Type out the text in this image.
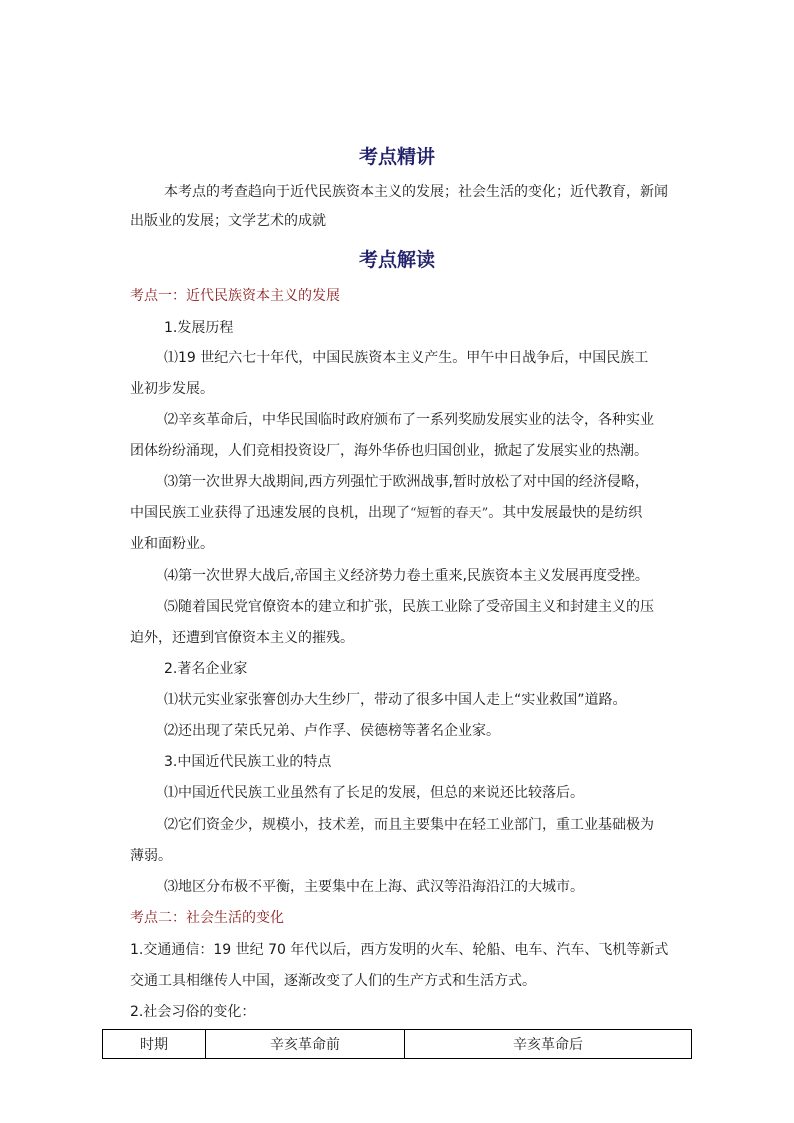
考点精讲
本考点的考查趋向于近代民族资本主义的发展；社会生活的变化；近代教育，新闻
出版业的发展；文学艺术的成就
考点解读
考点一：近代民族资本主义的发展
1.发展历程
⑴19 世纪六七十年代，中国民族资本主义产生。甲午中日战争后，中国民族工
业初步发展。
⑵辛亥革命后，中华民国临时政府颁布了一系列奖励发展实业的法令，各种实业
团体纷纷涌现，人们竞相投资设厂，海外华侨也归国创业，掀起了发展实业的热潮。
⑶第一次世界大战期间,西方列强忙于欧洲战事,暂时放松了对中国的经济侵略，
中国民族工业获得了迅速发展的良机，出现了“短暂的春天”。其中发展最快的是纺织
业和面粉业。
⑷第一次世界大战后,帝国主义经济势力卷土重来,民族资本主义发展再度受挫。
⑸随着国民党官僚资本的建立和扩张，民族工业除了受帝国主义和封建主义的压
迫外，还遭到官僚资本主义的摧残。
2.著名企业家
⑴状元实业家张謇创办大生纱厂，带动了很多中国人走上“实业救国”道路。
⑵还出现了荣氏兄弟、卢作孚、侯德榜等著名企业家。
3.中国近代民族工业的特点
⑴中国近代民族工业虽然有了长足的发展，但总的来说还比较落后。
⑵它们资金少，规模小，技术差，而且主要集中在轻工业部门，重工业基础极为
薄弱。
⑶地区分布极不平衡，主要集中在上海、武汉等沿海沿江的大城市。
考点二：社会生活的变化
1.交通通信：19 世纪 70 年代以后，西方发明的火车、轮船、电车、汽车、飞机等新式
交通工具相继传人中国，逐渐改变了人们的生产方式和生活方式。
2.社会习俗的变化：
时期	辛亥革命前	辛亥革命后
